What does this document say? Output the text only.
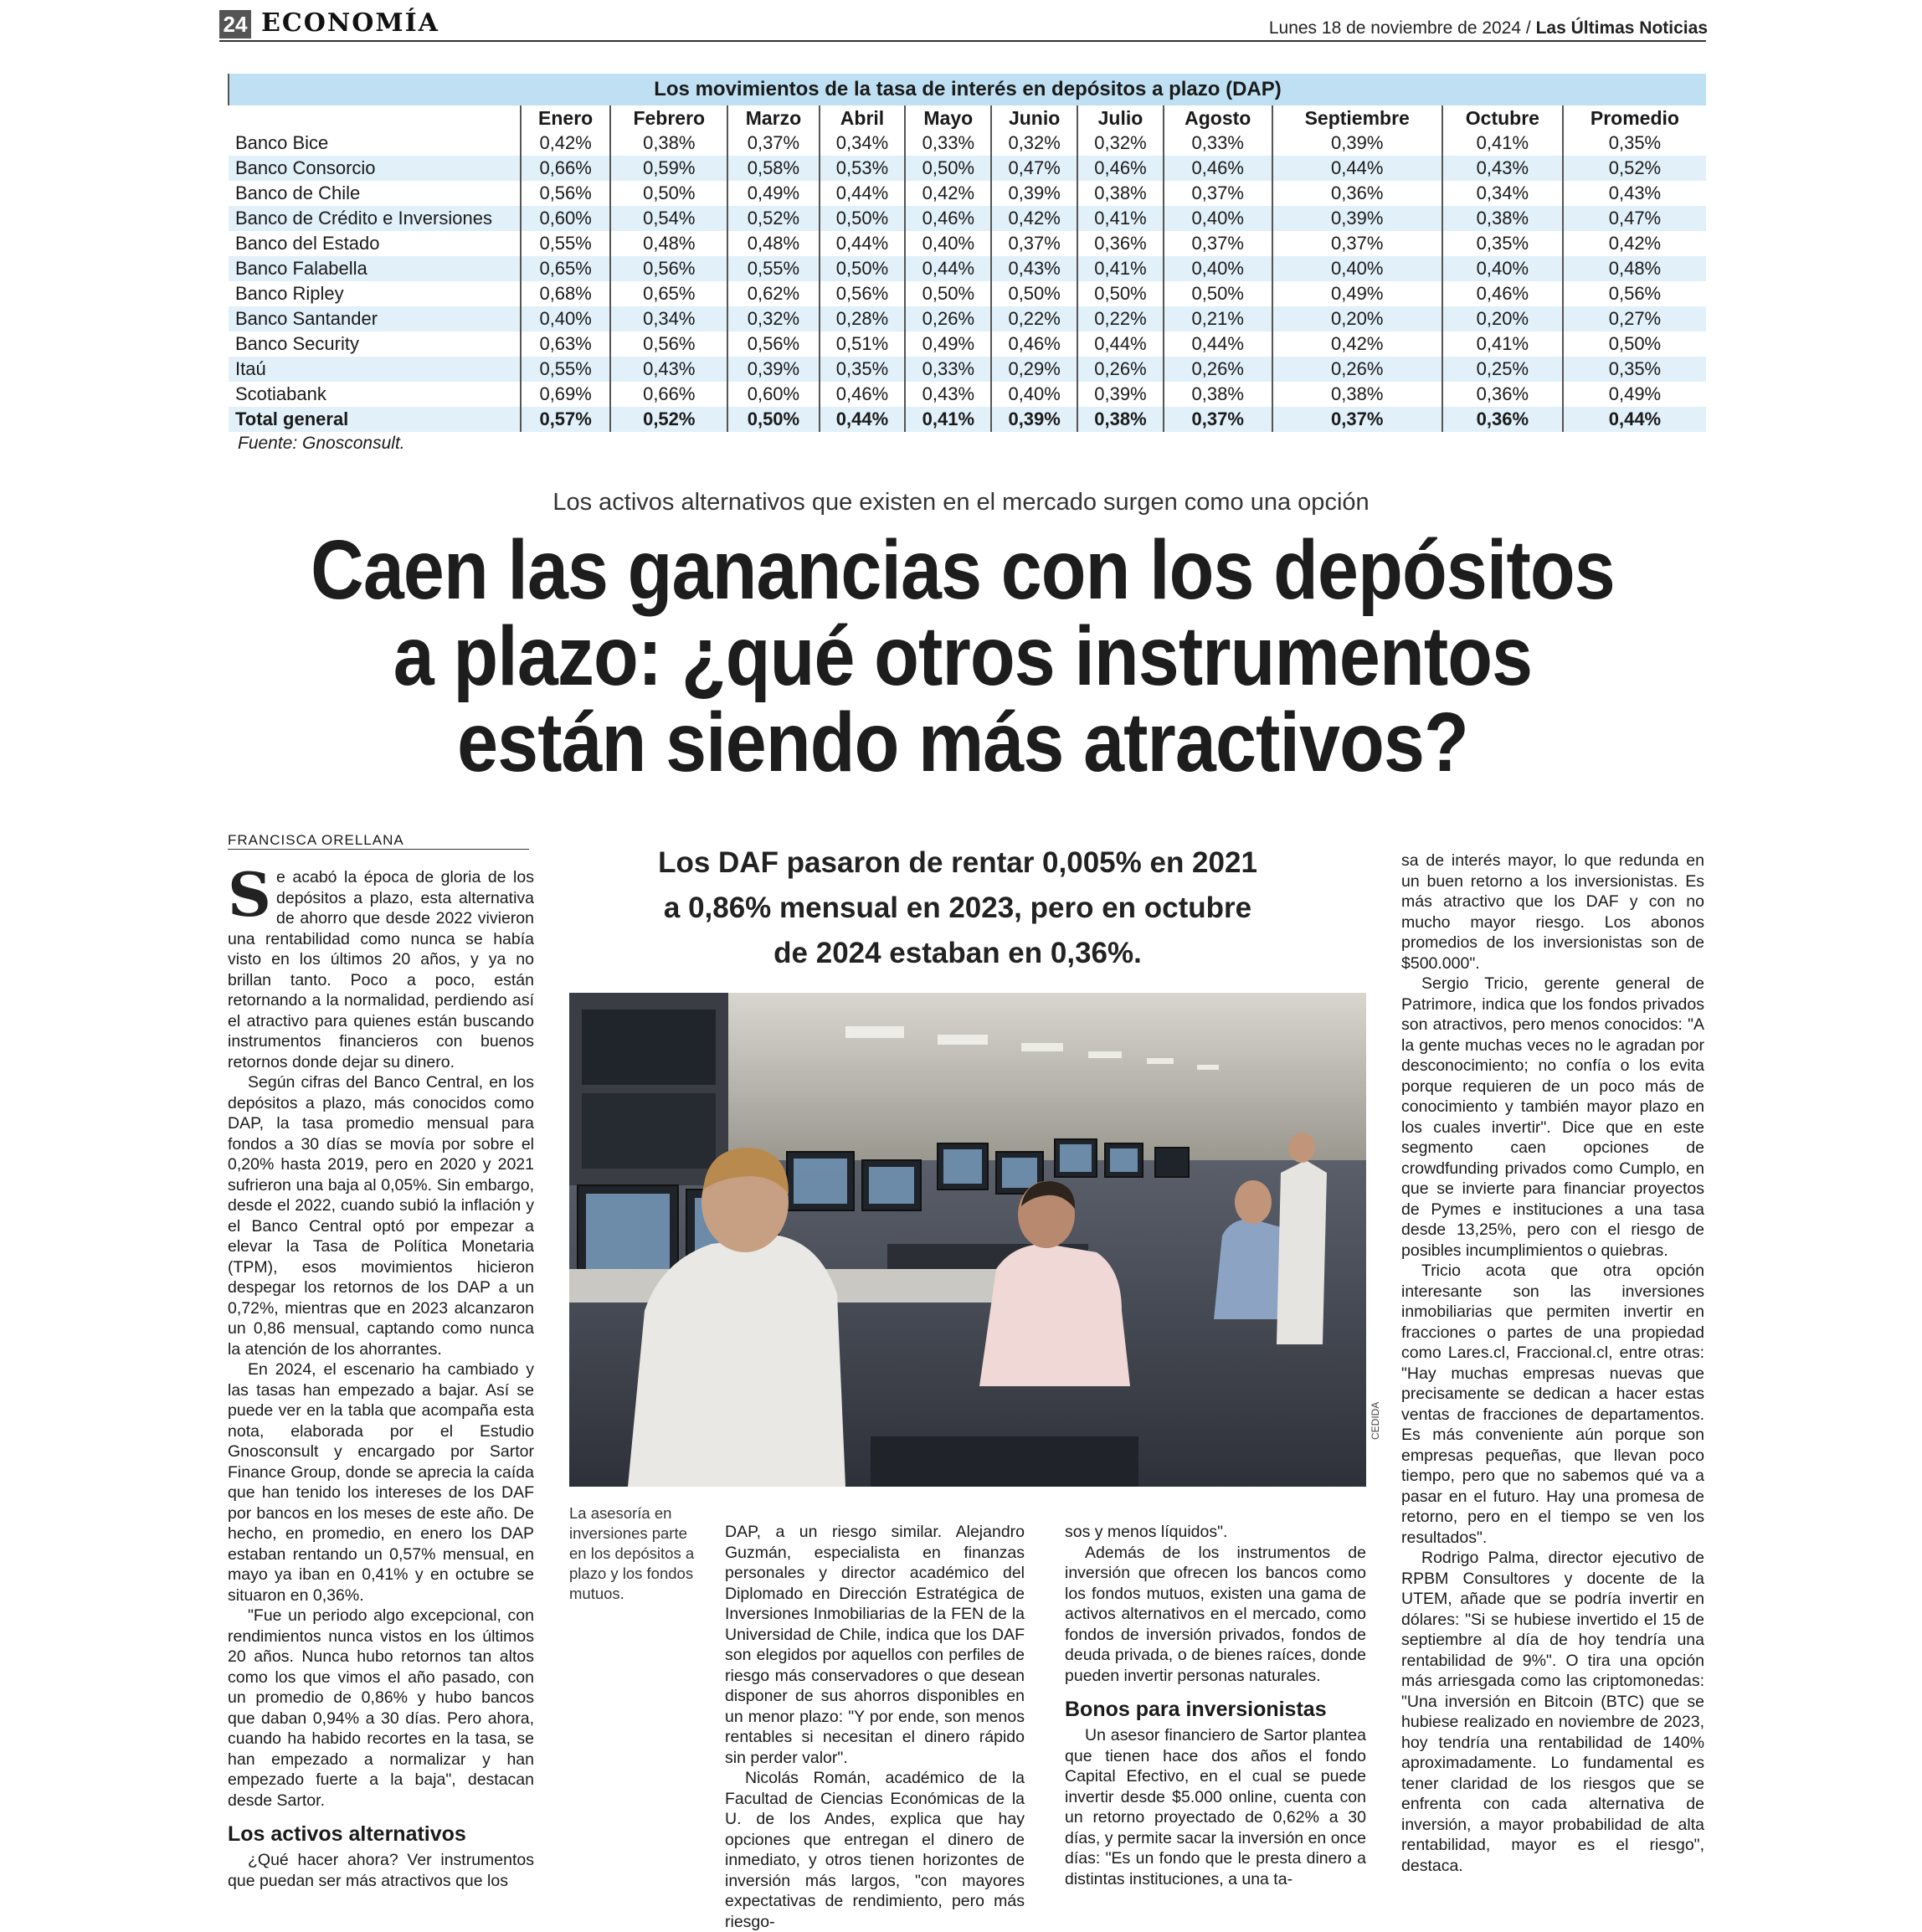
24 ECONOMÍA	Lunes 18 de noviembre de 2024 / Las Últimas Noticias
Los movimientos de la tasa de interés en depósitos a plazo (DAP)											
	Enero	Febrero	Marzo	Abril	Mayo	Junio	Julio	Agosto	Septiembre	Octubre	Promedio
Banco Bice	0,42%	0,38%	0,37%	0,34%	0,33%	0,32%	0,32%	0,33%	0,39%	0,41%	0,35%
Banco Consorcio	0,66%	0,59%	0,58%	0,53%	0,50%	0,47%	0,46%	0,46%	0,44%	0,43%	0,52%
Banco de Chile	0,56%	0,50%	0,49%	0,44%	0,42%	0,39%	0,38%	0,37%	0,36%	0,34%	0,43%
Banco de Crédito e Inversiones	0,60%	0,54%	0,52%	0,50%	0,46%	0,42%	0,41%	0,40%	0,39%	0,38%	0,47%
Banco del Estado	0,55%	0,48%	0,48%	0,44%	0,40%	0,37%	0,36%	0,37%	0,37%	0,35%	0,42%
Banco Falabella	0,65%	0,56%	0,55%	0,50%	0,44%	0,43%	0,41%	0,40%	0,40%	0,40%	0,48%
Banco Ripley	0,68%	0,65%	0,62%	0,56%	0,50%	0,50%	0,50%	0,50%	0,49%	0,46%	0,56%
Banco Santander	0,40%	0,34%	0,32%	0,28%	0,26%	0,22%	0,22%	0,21%	0,20%	0,20%	0,27%
Banco Security	0,63%	0,56%	0,56%	0,51%	0,49%	0,46%	0,44%	0,44%	0,42%	0,41%	0,50%
Itaú	0,55%	0,43%	0,39%	0,35%	0,33%	0,29%	0,26%	0,26%	0,26%	0,25%	0,35%
Scotiabank	0,69%	0,66%	0,60%	0,46%	0,43%	0,40%	0,39%	0,38%	0,38%	0,36%	0,49%
Total general	0,57%	0,52%	0,50%	0,44%	0,41%	0,39%	0,38%	0,37%	0,37%	0,36%	0,44%
Fuente: Gnosconsult.
Los activos alternativos que existen en el mercado surgen como una opción
Caen las ganancias con los depósitos
a plazo: ¿qué otros instrumentos
están siendo más atractivos?
FRANCISCA ORELLANA

Se acabó la época de gloria de los depósitos a plazo, esta alternativa de ahorro que desde 2022 vivieron una rentabilidad como nunca se había visto en los últimos 20 años, y ya no brillan tanto. Poco a poco, están retornando a la normalidad, perdiendo así el atractivo para quienes están buscando instrumentos financieros con buenos retornos donde dejar su dinero.

Según cifras del Banco Central, en los depósitos a plazo, más conocidos como DAP, la tasa promedio mensual para fondos a 30 días se movía por sobre el 0,20% hasta 2019, pero en 2020 y 2021 sufrieron una baja al 0,05%. Sin embargo, desde el 2022, cuando subió la inflación y el Banco Central optó por empezar a elevar la Tasa de Política Monetaria (TPM), esos movimientos hicieron despegar los retornos de los DAP a un 0,72%, mientras que en 2023 alcanzaron un 0,86 mensual, captando como nunca la atención de los ahorrantes.

En 2024, el escenario ha cambiado y las tasas han empezado a bajar. Así se puede ver en la tabla que acompaña esta nota, elaborada por el Estudio Gnosconsult y encargado por Sartor Finance Group, donde se aprecia la caída que han tenido los intereses de los DAF por bancos en los meses de este año. De hecho, en promedio, en enero los DAP estaban rentando un 0,57% mensual, en mayo ya iban en 0,41% y en octubre se situaron en 0,36%.

"Fue un periodo algo excepcional, con rendimientos nunca vistos en los últimos 20 años. Nunca hubo retornos tan altos como los que vimos el año pasado, con un promedio de 0,86% y hubo bancos que daban 0,94% a 30 días. Pero ahora, cuando ha habido recortes en la tasa, se han empezado a normalizar y han empezado fuerte a la baja", destacan desde Sartor.

Los activos alternativos

¿Qué hacer ahora? Ver instrumentos que puedan ser más atractivos que los

Los DAF pasaron de rentar 0,005% en 2021 a 0,86% mensual en 2023, pero en octubre de 2024 estaban en 0,36%.
CEDIDA
La asesoría en inversiones parte en los depósitos a plazo y los fondos mutuos.

DAP, a un riesgo similar. Alejandro Guzmán, especialista en finanzas personales y director académico del Diplomado en Dirección Estratégica de Inversiones Inmobiliarias de la FEN de la Universidad de Chile, indica que los DAF son elegidos por aquellos con perfiles de riesgo más conservadores o que desean disponer de sus ahorros disponibles en un menor plazo: "Y por ende, son menos rentables si necesitan el dinero rápido sin perder valor".

Nicolás Román, académico de la Facultad de Ciencias Económicas de la U. de los Andes, explica que hay opciones que entregan el dinero de inmediato, y otros tienen horizontes de inversión más largos, "con mayores expectativas de rendimiento, pero más riesgo-

sos y menos líquidos".

Además de los instrumentos de inversión que ofrecen los bancos como los fondos mutuos, existen una gama de activos alternativos en el mercado, como fondos de inversión privados, fondos de deuda privada, o de bienes raíces, donde pueden invertir personas naturales.

Bonos para inversionistas

Un asesor financiero de Sartor plantea que tienen hace dos años el fondo Capital Efectivo, en el cual se puede invertir desde $5.000 online, cuenta con un retorno proyectado de 0,62% a 30 días, y permite sacar la inversión en once días: "Es un fondo que le presta dinero a distintas instituciones, a una ta-

sa de interés mayor, lo que redunda en un buen retorno a los inversionistas. Es más atractivo que los DAF y con no mucho mayor riesgo. Los abonos promedios de los inversionistas son de $500.000".

Sergio Tricio, gerente general de Patrimore, indica que los fondos privados son atractivos, pero menos conocidos: "A la gente muchas veces no le agradan por desconocimiento; no confía o los evita porque requieren de un poco más de conocimiento y también mayor plazo en los cuales invertir". Dice que en este segmento caen opciones de crowdfunding privados como Cumplo, en que se invierte para financiar proyectos de Pymes e instituciones a una tasa desde 13,25%, pero con el riesgo de posibles incumplimientos o quiebras.

Tricio acota que otra opción interesante son las inversiones inmobiliarias que permiten invertir en fracciones o partes de una propiedad como Lares.cl, Fraccional.cl, entre otras: "Hay muchas empresas nuevas que precisamente se dedican a hacer estas ventas de fracciones de departamentos. Es más conveniente aún porque son empresas pequeñas, que llevan poco tiempo, pero que no sabemos qué va a pasar en el futuro. Hay una promesa de retorno, pero en el tiempo se ven los resultados".

Rodrigo Palma, director ejecutivo de RPBM Consultores y docente de la UTEM, añade que se podría invertir en dólares: "Si se hubiese invertido el 15 de septiembre al día de hoy tendría una rentabilidad de 9%". O tira una opción más arriesgada como las criptomonedas: "Una inversión en Bitcoin (BTC) que se hubiese realizado en noviembre de 2023, hoy tendría una rentabilidad de 140% aproximadamente. Lo fundamental es tener claridad de los riesgos que se enfrenta con cada alternativa de inversión, a mayor probabilidad de alta rentabilidad, mayor es el riesgo", destaca.
